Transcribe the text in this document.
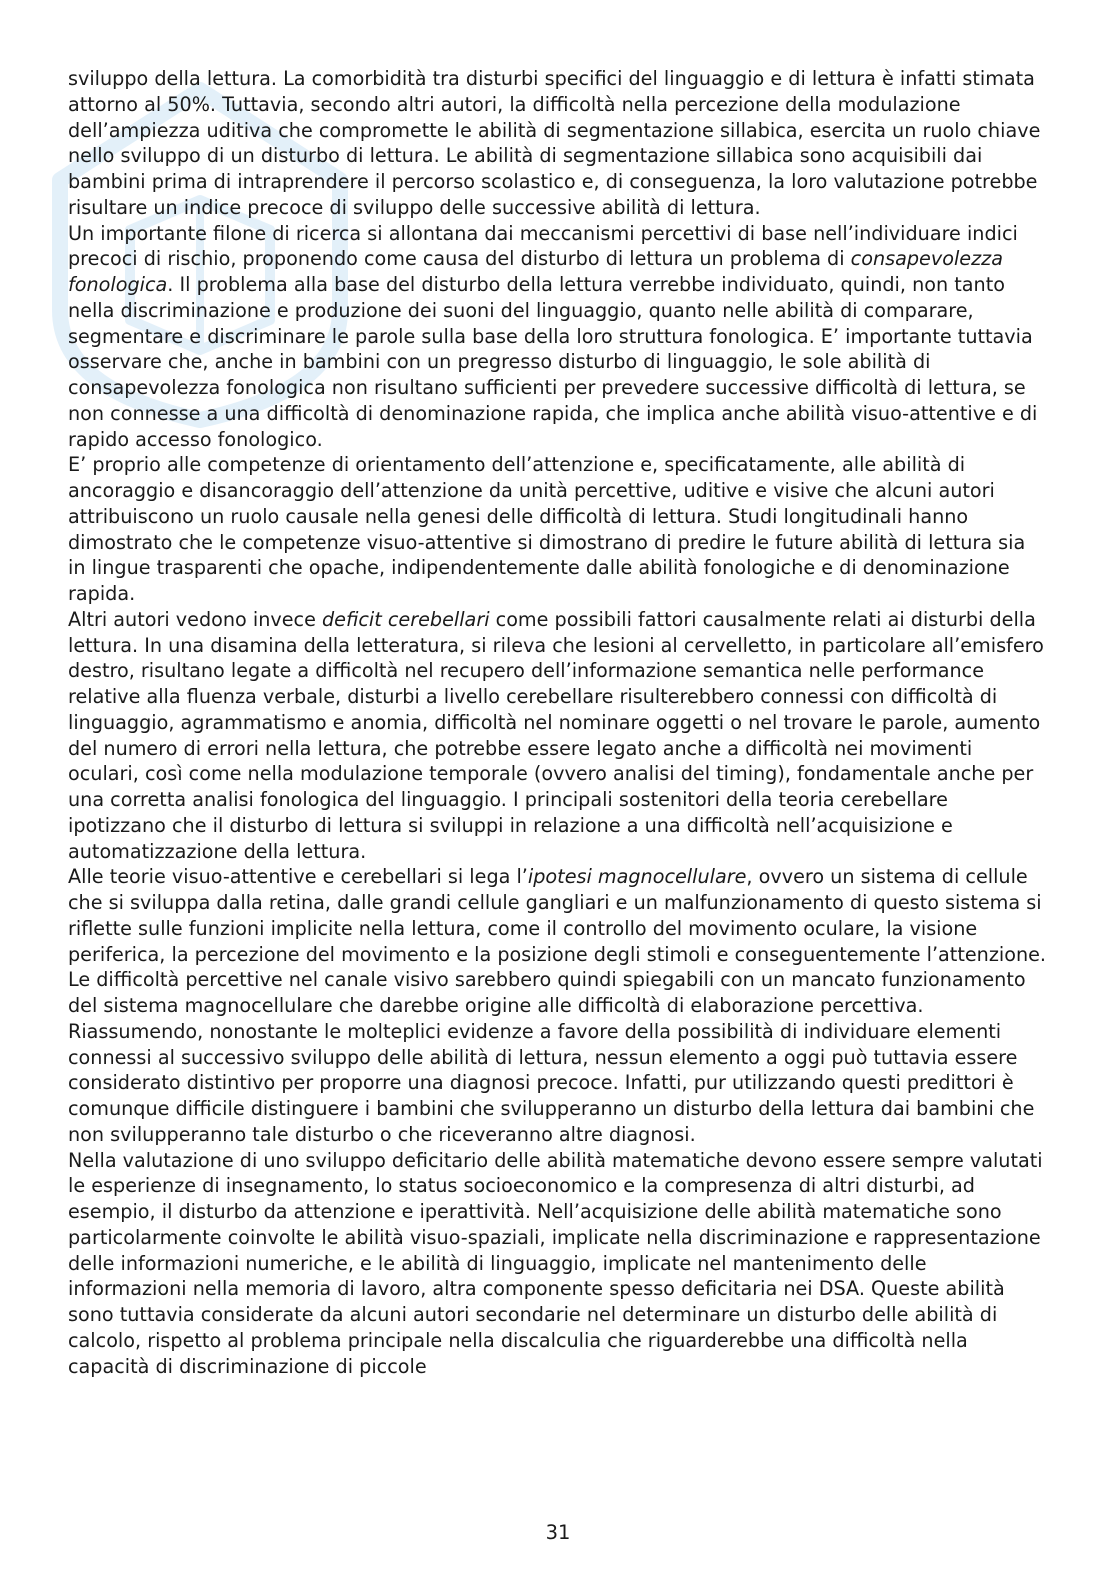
sviluppo della lettura. La comorbidità tra disturbi specifici del linguaggio e di lettura è infatti stimata attorno al 50%. Tuttavia, secondo altri autori, la difficoltà nella percezione della modulazione dell’ampiezza uditiva che compromette le abilità di segmentazione sillabica, esercita un ruolo chiave nello sviluppo di un disturbo di lettura. Le abilità di segmentazione sillabica sono acquisibili dai bambini prima di intraprendere il percorso scolastico e, di conseguenza, la loro valutazione potrebbe risultare un indice precoce di sviluppo delle successive abilità di lettura.

Un importante filone di ricerca si allontana dai meccanismi percettivi di base nell’individuare indici precoci di rischio, proponendo come causa del disturbo di lettura un problema di consapevolezza fonologica. Il problema alla base del disturbo della lettura verrebbe individuato, quindi, non tanto nella discriminazione e produzione dei suoni del linguaggio, quanto nelle abilità di comparare, segmentare e discriminare le parole sulla base della loro struttura fonologica. E’ importante tuttavia osservare che, anche in bambini con un pregresso disturbo di linguaggio, le sole abilità di consapevolezza fonologica non risultano sufficienti per prevedere successive difficoltà di lettura, se non connesse a una difficoltà di denominazione rapida, che implica anche abilità visuo-attentive e di rapido accesso fonologico.

E’ proprio alle competenze di orientamento dell’attenzione e, specificatamente, alle abilità di ancoraggio e disancoraggio dell’attenzione da unità percettive, uditive e visive che alcuni autori attribuiscono un ruolo causale nella genesi delle difficoltà di lettura. Studi longitudinali hanno dimostrato che le competenze visuo-attentive si dimostrano di predire le future abilità di lettura sia in lingue trasparenti che opache, indipendentemente dalle abilità fonologiche e di denominazione rapida.

Altri autori vedono invece deficit cerebellari come possibili fattori causalmente relati ai disturbi della lettura. In una disamina della letteratura, si rileva che lesioni al cervelletto, in particolare all’emisfero destro, risultano legate a difficoltà nel recupero dell’informazione semantica nelle performance relative alla fluenza verbale, disturbi a livello cerebellare risulterebbero connessi con difficoltà di linguaggio, agrammatismo e anomia, difficoltà nel nominare oggetti o nel trovare le parole, aumento del numero di errori nella lettura, che potrebbe essere legato anche a difficoltà nei movimenti oculari, così come nella modulazione temporale (ovvero analisi del timing), fondamentale anche per una corretta analisi fonologica del linguaggio. I principali sostenitori della teoria cerebellare ipotizzano che il disturbo di lettura si sviluppi in relazione a una difficoltà nell’acquisizione e automatizzazione della lettura.

Alle teorie visuo-attentive e cerebellari si lega l’ipotesi magnocellulare, ovvero un sistema di cellule che si sviluppa dalla retina, dalle grandi cellule gangliari e un malfunzionamento di questo sistema si riflette sulle funzioni implicite nella lettura, come il controllo del movimento oculare, la visione periferica, la percezione del movimento e la posizione degli stimoli e conseguentemente l’attenzione. Le difficoltà percettive nel canale visivo sarebbero quindi spiegabili con un mancato funzionamento del sistema magnocellulare che darebbe origine alle difficoltà di elaborazione percettiva.

Riassumendo, nonostante le molteplici evidenze a favore della possibilità di individuare elementi connessi al successivo sviluppo delle abilità di lettura, nessun elemento a oggi può tuttavia essere considerato distintivo per proporre una diagnosi precoce. Infatti, pur utilizzando questi predittori è comunque difficile distinguere i bambini che svilupperanno un disturbo della lettura dai bambini che non svilupperanno tale disturbo o che riceveranno altre diagnosi.

Nella valutazione di uno sviluppo deficitario delle abilità matematiche devono essere sempre valutati le esperienze di insegnamento, lo status socioeconomico e la compresenza di altri disturbi, ad esempio, il disturbo da attenzione e iperattività. Nell’acquisizione delle abilità matematiche sono particolarmente coinvolte le abilità visuo-spaziali, implicate nella discriminazione e rappresentazione delle informazioni numeriche, e le abilità di linguaggio, implicate nel mantenimento delle informazioni nella memoria di lavoro, altra componente spesso deficitaria nei DSA. Queste abilità sono tuttavia considerate da alcuni autori secondarie nel determinare un disturbo delle abilità di calcolo, rispetto al problema principale nella discalculia che riguarderebbe una difficoltà nella capacità di discriminazione di piccole

31
